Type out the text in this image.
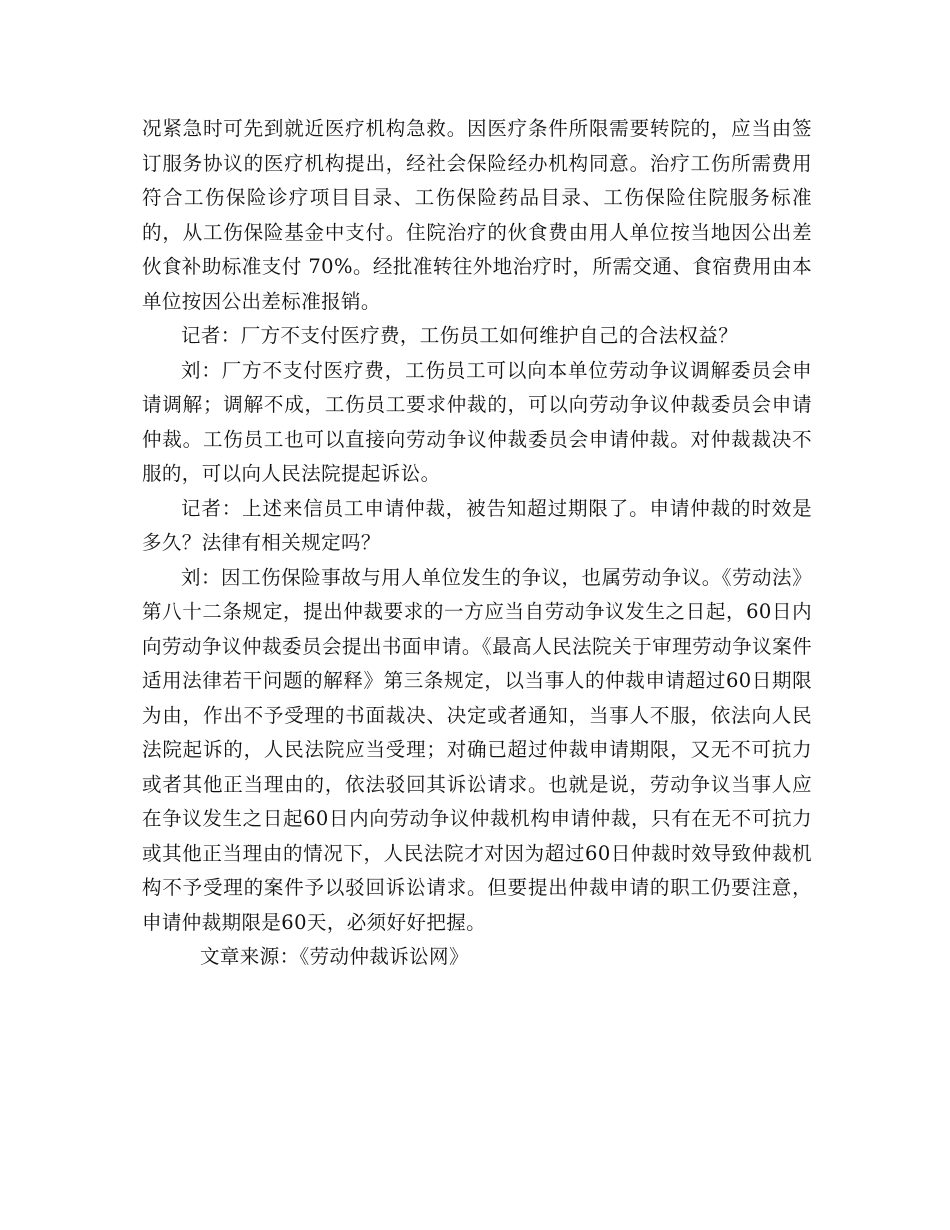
况紧急时可先到就近医疗机构急救。因医疗条件所限需要转院的，应当由签订服务协议的医疗机构提出，经社会保险经办机构同意。治疗工伤所需费用符合工伤保险诊疗项目目录、工伤保险药品目录、工伤保险住院服务标准的，从工伤保险基金中支付。住院治疗的伙食费由用人单位按当地因公出差伙食补助标准支付 70%。经批准转往外地治疗时，所需交通、食宿费用由本单位按因公出差标准报销。

记者：厂方不支付医疗费，工伤员工如何维护自己的合法权益？

刘：厂方不支付医疗费，工伤员工可以向本单位劳动争议调解委员会申请调解；调解不成，工伤员工要求仲裁的，可以向劳动争议仲裁委员会申请仲裁。工伤员工也可以直接向劳动争议仲裁委员会申请仲裁。对仲裁裁决不服的，可以向人民法院提起诉讼。

记者：上述来信员工申请仲裁，被告知超过期限了。申请仲裁的时效是多久？法律有相关规定吗？

刘：因工伤保险事故与用人单位发生的争议，也属劳动争议。《劳动法》第八十二条规定，提出仲裁要求的一方应当自劳动争议发生之日起，60日内向劳动争议仲裁委员会提出书面申请。《最高人民法院关于审理劳动争议案件适用法律若干问题的解释》第三条规定，以当事人的仲裁申请超过60日期限为由，作出不予受理的书面裁决、决定或者通知，当事人不服，依法向人民法院起诉的，人民法院应当受理；对确已超过仲裁申请期限，又无不可抗力或者其他正当理由的，依法驳回其诉讼请求。也就是说，劳动争议当事人应在争议发生之日起60日内向劳动争议仲裁机构申请仲裁，只有在无不可抗力或其他正当理由的情况下，人民法院才对因为超过60日仲裁时效导致仲裁机构不予受理的案件予以驳回诉讼请求。但要提出仲裁申请的职工仍要注意，申请仲裁期限是60天，必须好好把握。

文章来源：《劳动仲裁诉讼网》
